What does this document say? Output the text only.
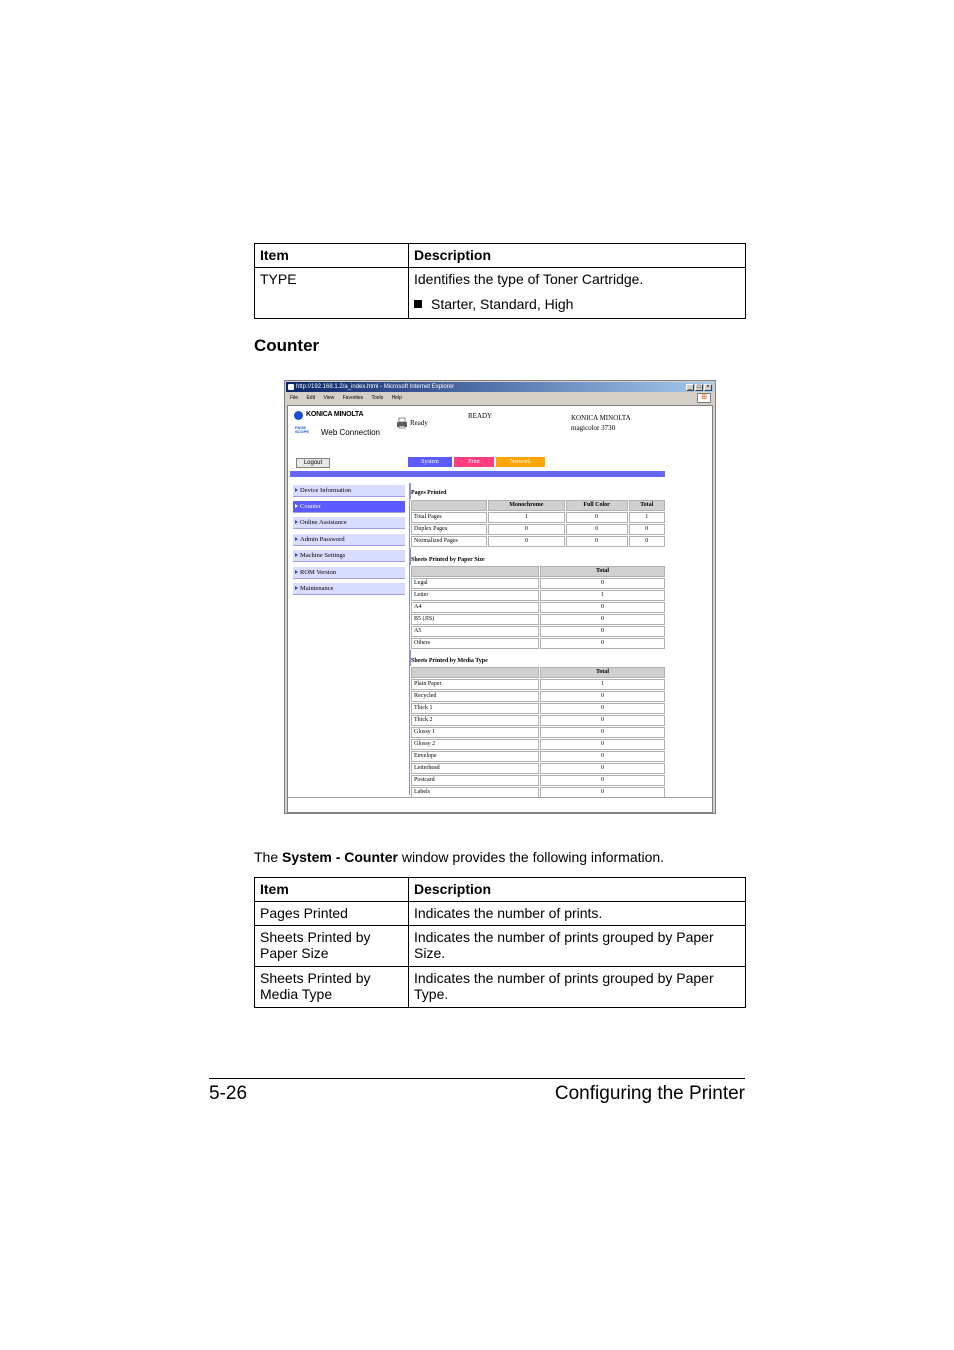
Item	Description
TYPE	Identifies the type of Toner Cartridge.
Starter, Standard, High
Counter
http://192.168.1.2/a_index.html - Microsoft Internet Explorer	_ □ ×
File Edit View Favorites Tools Help	⊞
KONICA MINOLTA
PAGE
SCOPE Web Connection
Ready
READY	KONICA MINOLTA
magicolor 3730
Logout	System	Print	Network
Device Information
Counter
Online Assistance
Admin Password
Machine Settings
ROM Version
Maintenance
Pages Printed
	Monochrome	Full Color	Total
Total Pages	1	0	1
Duplex Pages	0	0	0
Normalized Pages	0	0	0
Sheets Printed by Paper Size
	Total
Legal	0
Letter	1
A4	0
B5 (JIS)	0
A5	0
Others	0
Sheets Printed by Media Type
	Total
Plain Paper	1
Recycled	0
Thick 1	0
Thick 2	0
Glossy 1	0
Glossy 2	0
Envelope	0
Letterhead	0
Postcard	0
Labels	0
The System - Counter window provides the following information.
Item	Description
Pages Printed	Indicates the number of prints.
Sheets Printed by Paper Size	Indicates the number of prints grouped by Paper Size.
Sheets Printed by Media Type	Indicates the number of prints grouped by Paper Type.
5-26	Configuring the Printer
